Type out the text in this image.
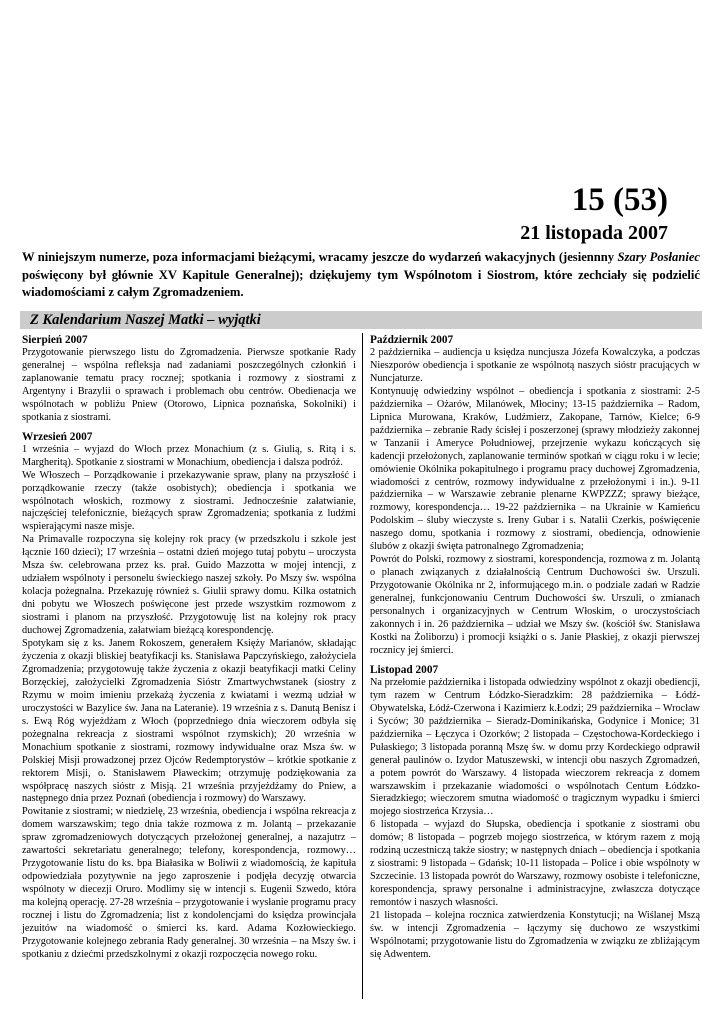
15 (53)
21 listopada 2007

W niniejszym numerze, poza informacjami bieżącymi, wracamy jeszcze do wydarzeń wakacyjnych (jesiennny Szary Posłaniec poświęcony był głównie XV Kapitule Generalnej); dziękujemy tym Wspólnotom i Siostrom, które zechciały się podzielić wiadomościami z całym Zgromadzeniem.

Z Kalendarium Naszej Matki – wyjątki

Sierpień 2007

Przygotowanie pierwszego listu do Zgromadzenia. Pierwsze spotkanie Rady generalnej – wspólna refleksja nad zadaniami poszczególnych członkiń i zaplanowanie tematu pracy rocznej; spotkania i rozmowy z siostrami z Argentyny i Brazylii o sprawach i problemach obu centrów. Obedienacja we wspólnotach w pobliżu Pniew (Otorowo, Lipnica poznańska, Sokolniki) i spotkania z siostrami.

Wrzesień 2007

1 września – wyjazd do Włoch przez Monachium (z s. Giulią, s. Ritą i s. Margheritą). Spotkanie z siostrami w Monachium, obediencja i dalsza podróż.

We Włoszech – Porządkowanie i przekazywanie spraw, plany na przyszłość i porządkowanie rzeczy (także osobistych); obediencja i spotkania we wspólnotach włoskich, rozmowy z siostrami. Jednocześnie załatwianie, najczęściej telefonicznie, bieżących spraw Zgromadzenia; spotkania z ludźmi wspierającymi nasze misje.

Na Primavalle rozpoczyna się kolejny rok pracy (w przedszkolu i szkole jest łącznie 160 dzieci); 17 września – ostatni dzień mojego tutaj pobytu – uroczysta Msza św. celebrowana przez ks. prał. Guido Mazzotta w mojej intencji, z udziałem wspólnoty i personelu świeckiego naszej szkoły. Po Mszy św. wspólna kolacja pożegnalna. Przekazuję również s. Giulii sprawy domu. Kilka ostatnich dni pobytu we Włoszech poświęcone jest przede wszystkim rozmowom z siostrami i planom na przyszłość. Przygotowuję list na kolejny rok pracy duchowej Zgromadzenia, załatwiam bieżącą korespondencję.

Spotykam się z ks. Janem Rokoszem, generałem Księży Marianów, składając życzenia z okazji bliskiej beatyfikacji ks. Stanisława Papczyńskiego, założyciela Zgromadzenia; przygotowuję także życzenia z okazji beatyfikacji matki Celiny Borzęckiej, założycielki Zgromadzenia Sióstr Zmartwychwstanek (siostry z Rzymu w moim imieniu przekażą życzenia z kwiatami i wezmą udział w uroczystości w Bazylice św. Jana na Lateranie). 19 września z s. Danutą Benisz i s. Ewą Róg wyjeżdżam z Włoch (poprzedniego dnia wieczorem odbyła się pożegnalna rekreacja z siostrami wspólnot rzymskich); 20 września w Monachium spotkanie z siostrami, rozmowy indywidualne oraz Msza św. w Polskiej Misji prowadzonej przez Ojców Redemptorystów – krótkie spotkanie z rektorem Misji, o. Stanisławem Pławeckim; otrzymuję podziękowania za współpracę naszych sióstr z Misją. 21 września przyjeżdżamy do Pniew, a następnego dnia przez Poznań (obediencja i rozmowy) do Warszawy.

Powitanie z siostrami; w niedzielę, 23 września, obediencja i wspólna rekreacja z domem warszawskim; tego dnia także rozmowa z m. Jolantą – przekazanie spraw zgromadzeniowych dotyczących przełożonej generalnej, a nazajutrz – zawartości sekretariatu generalnego; telefony, korespondencja, rozmowy… Przygotowanie listu do ks. bpa Białasika w Boliwii z wiadomością, że kapituła odpowiedziała pozytywnie na jego zaproszenie i podjęła decyzję otwarcia wspólnoty w diecezji Oruro. Modlimy się w intencji s. Eugenii Szwedo, która ma kolejną operację. 27-28 września – przygotowanie i wysłanie programu pracy rocznej i listu do Zgromadzenia; list z kondolencjami do księdza prowincjała jezuitów na wiadomość o śmierci ks. kard. Adama Kozłowieckiego. Przygotowanie kolejnego zebrania Rady generalnej. 30 września – na Mszy św. i spotkaniu z dziećmi przedszkolnymi z okazji rozpoczęcia nowego roku.

Październik 2007

2 października – audiencja u księdza nuncjusza Józefa Kowalczyka, a podczas Nieszporów obediencja i spotkanie ze wspólnotą naszych sióstr pracujących w Nuncjaturze.

Kontynuuję odwiedziny wspólnot – obediencja i spotkania z siostrami: 2-5 października – Ożarów, Milanówek, Młociny; 13-15 października – Radom, Lipnica Murowana, Kraków, Ludźmierz, Zakopane, Tarnów, Kielce; 6-9 października – zebranie Rady ścisłej i poszerzonej (sprawy młodzieży zakonnej w Tanzanii i Ameryce Południowej, przejrzenie wykazu kończących się kadencji przełożonych, zaplanowanie terminów spotkań w ciągu roku i w lecie; omówienie Okólnika pokapitulnego i programu pracy duchowej Zgromadzenia, wiadomości z centrów, rozmowy indywidualne z przełożonymi i in.). 9-11 października – w Warszawie zebranie plenarne KWPZZZ; sprawy bieżące, rozmowy, korespondencja… 19-22 października – na Ukrainie w Kamieńcu Podolskim – śluby wieczyste s. Ireny Gubar i s. Natalii Czerkis, poświęcenie naszego domu, spotkania i rozmowy z siostrami, obediencja, odnowienie ślubów z okazji święta patronalnego Zgromadzenia;

Powrót do Polski, rozmowy z siostrami, korespondencja, rozmowa z m. Jolantą o planach związanych z działalnością Centrum Duchowości św. Urszuli. Przygotowanie Okólnika nr 2, informującego m.in. o podziale zadań w Radzie generalnej, funkcjonowaniu Centrum Duchowości św. Urszuli, o zmianach personalnych i organizacyjnych w Centrum Włoskim, o uroczystościach zakonnych i in. 26 października – udział we Mszy św. (kościół św. Stanisława Kostki na Żoliborzu) i promocji książki o s. Janie Płaskiej, z okazji pierwszej rocznicy jej śmierci.

Listopad 2007

Na przełomie października i listopada odwiedziny wspólnot z okazji obediencji, tym razem w Centrum Łódzko-Sieradzkim: 28 października – Łódź-Obywatelska, Łódź-Czerwona i Kazimierz k.Łodzi; 29 października – Wrocław i Syców; 30 października – Sieradz-Dominikańska, Godynice i Monice; 31 października – Łęczyca i Ozorków; 2 listopada – Częstochowa-Kordeckiego i Pułaskiego; 3 listopada poranną Mszę św. w domu przy Kordeckiego odprawił generał paulinów o. Izydor Matuszewski, w intencji obu naszych Zgromadzeń, a potem powrót do Warszawy. 4 listopada wieczorem rekreacja z domem warszawskim i przekazanie wiadomości o wspólnotach Centum Łódzko-Sieradzkiego; wieczorem smutna wiadomość o tragicznym wypadku i śmierci mojego siostrzeńca Krzysia…

6 listopada – wyjazd do Słupska, obediencja i spotkanie z siostrami obu domów; 8 listopada – pogrzeb mojego siostrzeńca, w którym razem z moją rodziną uczestniczą także siostry; w następnych dniach – obediencja i spotkania z siostrami: 9 listopada – Gdańsk; 10-11 listopada – Police i obie wspólnoty w Szczecinie. 13 listopada powrót do Warszawy, rozmowy osobiste i telefoniczne, korespondencja, sprawy personalne i administracyjne, zwłaszcza dotyczące remontów i naszych własności.

21 listopada – kolejna rocznica zatwierdzenia Konstytucji; na Wiślanej Mszą św. w intencji Zgromadzenia – łączymy się duchowo ze wszystkimi Wspólnotami; przygotowanie listu do Zgromadzenia w związku ze zbliżającym się Adwentem.
